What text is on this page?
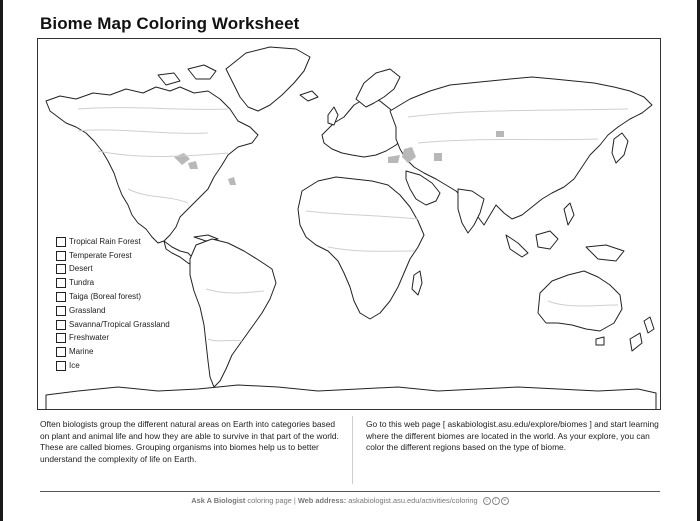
Biome Map Coloring Worksheet
Tropical Rain Forest
Temperate Forest
Desert
Tundra
Taiga (Boreal forest)
Grassland
Savanna/Tropical Grassland
Freshwater
Marine
Ice

Often biologists group the different natural areas on Earth into categories based on plant and animal life and how they are able to survive in that part of the world. These are called biomes. Grouping organisms into biomes help us to better understand the complexity of life on Earth.

Go to this web page [ askabiologist.asu.edu/explore/biomes ] and start learning where the different biomes are located in the world. As your explore, you can color the different regions based on the type of biome.

Ask A Biologist coloring page | Web address: askabiologist.asu.edu/activities/coloring	c	i	=
